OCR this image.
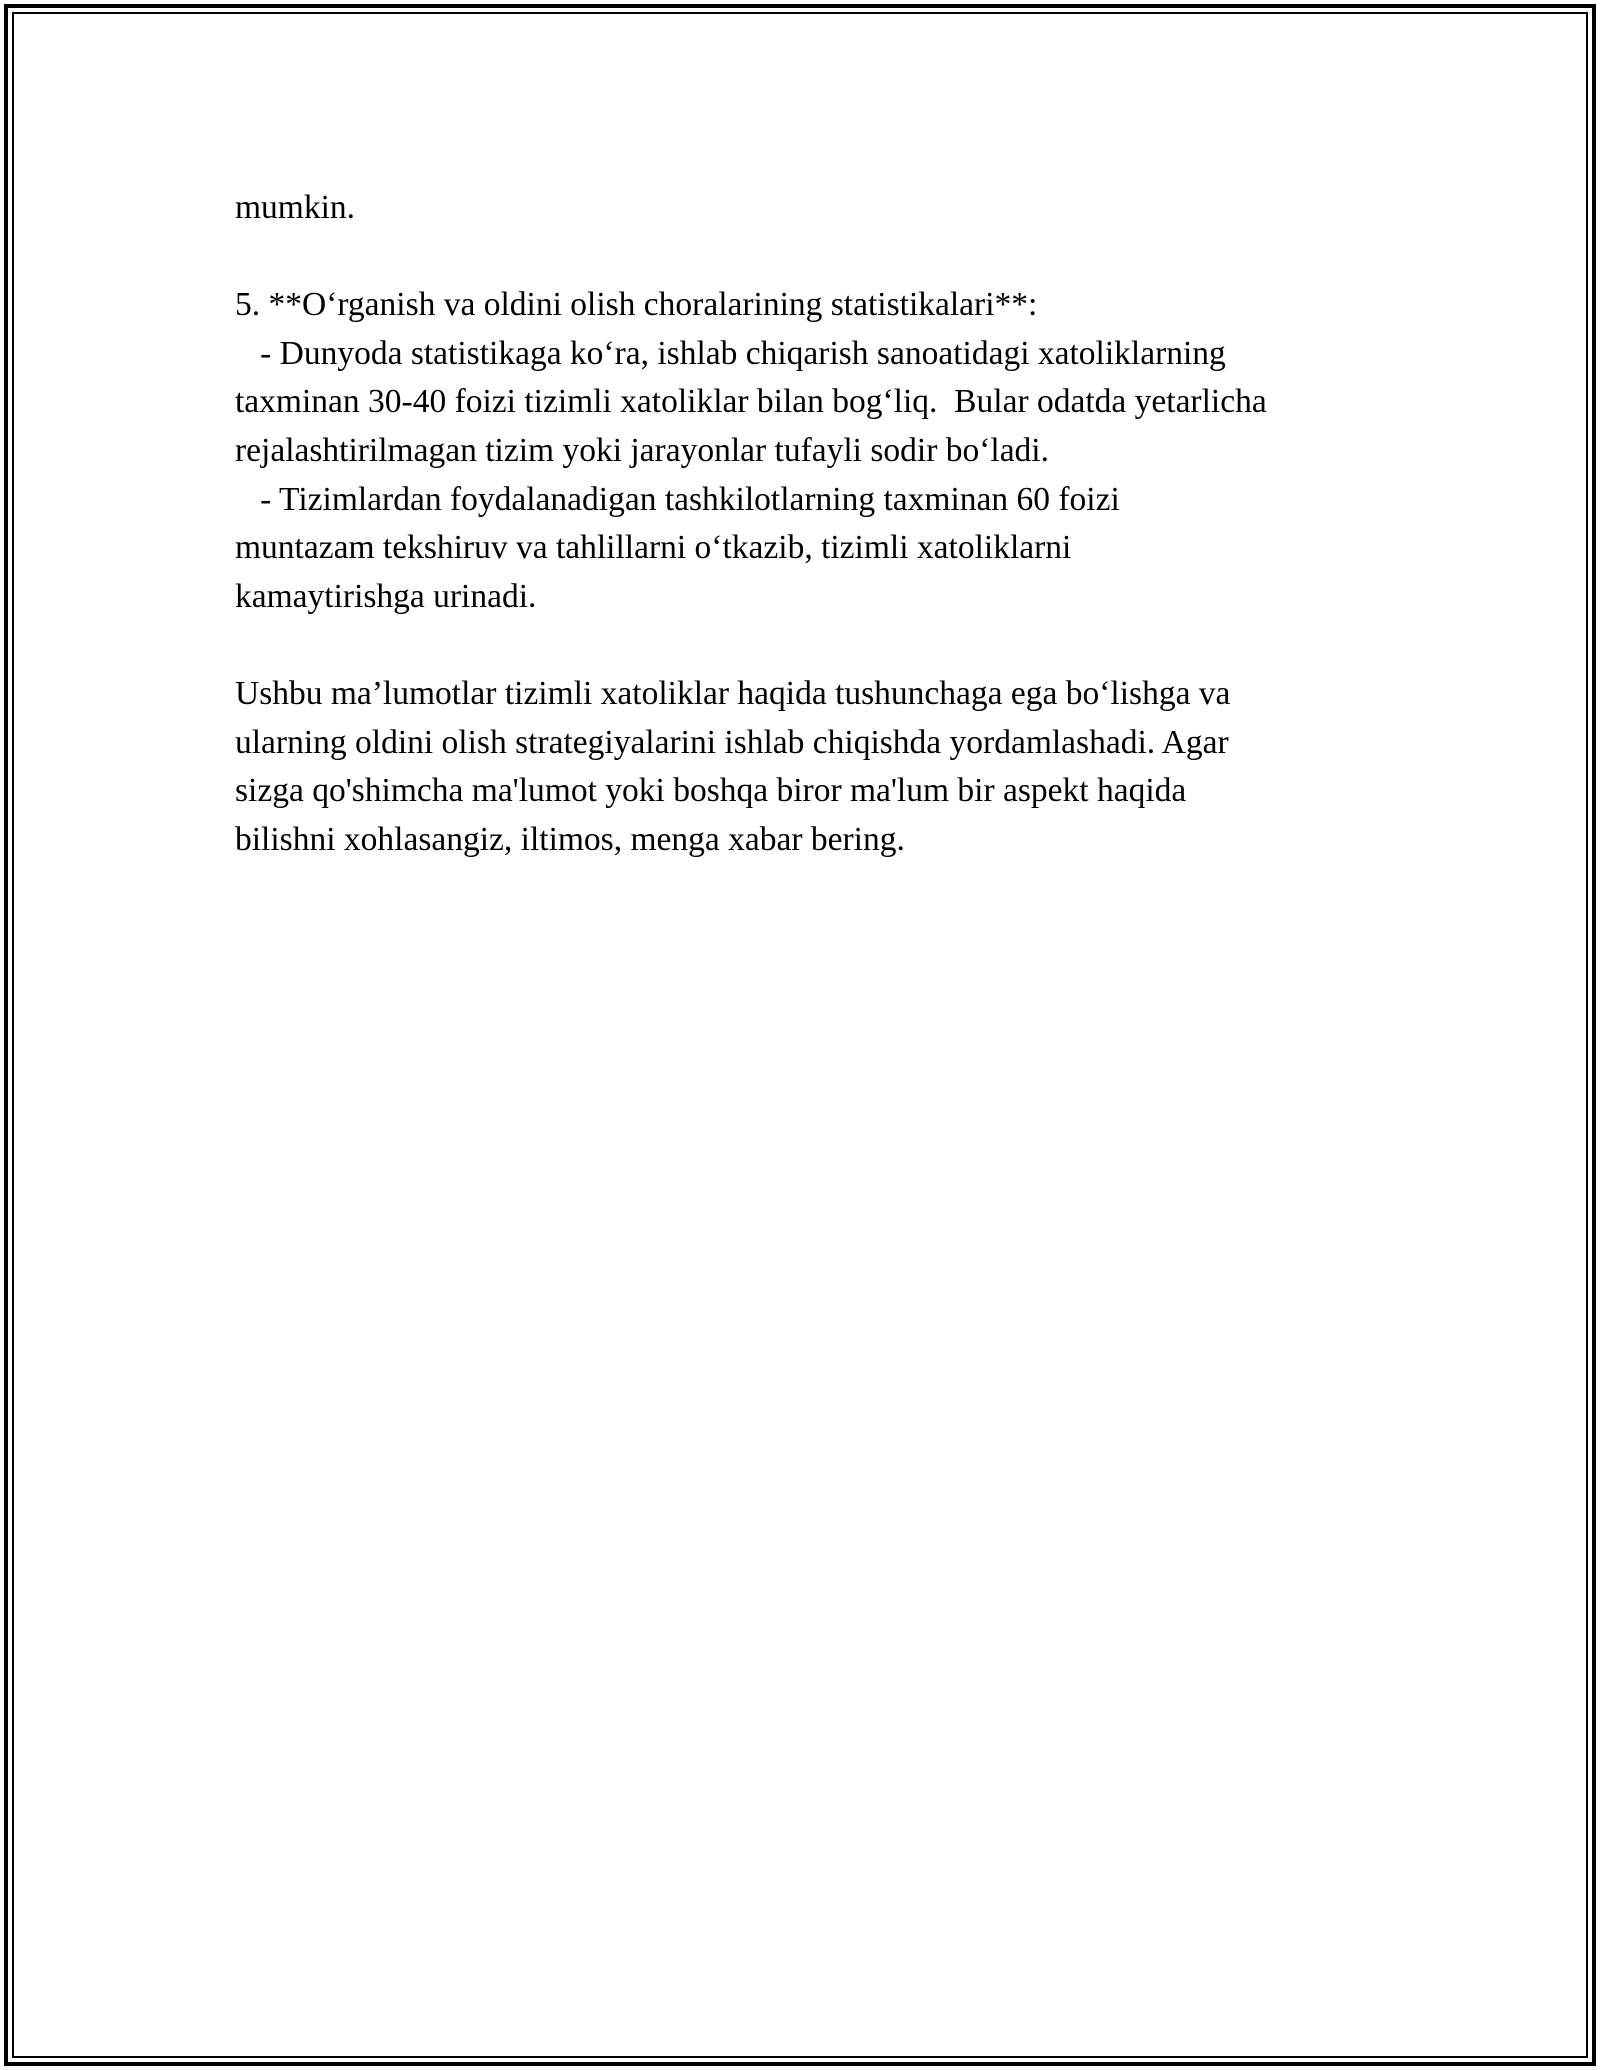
mumkin.
5. **Oʻrganish va oldini olish choralarining statistikalari**:
- Dunyoda statistikaga koʻra, ishlab chiqarish sanoatidagi xatoliklarning
taxminan 30-40 foizi tizimli xatoliklar bilan bogʻliq.  Bular odatda yetarlicha
rejalashtirilmagan tizim yoki jarayonlar tufayli sodir boʻladi.
- Tizimlardan foydalanadigan tashkilotlarning taxminan 60 foizi
muntazam tekshiruv va tahlillarni oʻtkazib, tizimli xatoliklarni
kamaytirishga urinadi.
Ushbu ma’lumotlar tizimli xatoliklar haqida tushunchaga ega boʻlishga va
ularning oldini olish strategiyalarini ishlab chiqishda yordamlashadi. Agar
sizga qo'shimcha ma'lumot yoki boshqa biror ma'lum bir aspekt haqida
bilishni xohlasangiz, iltimos, menga xabar bering.
